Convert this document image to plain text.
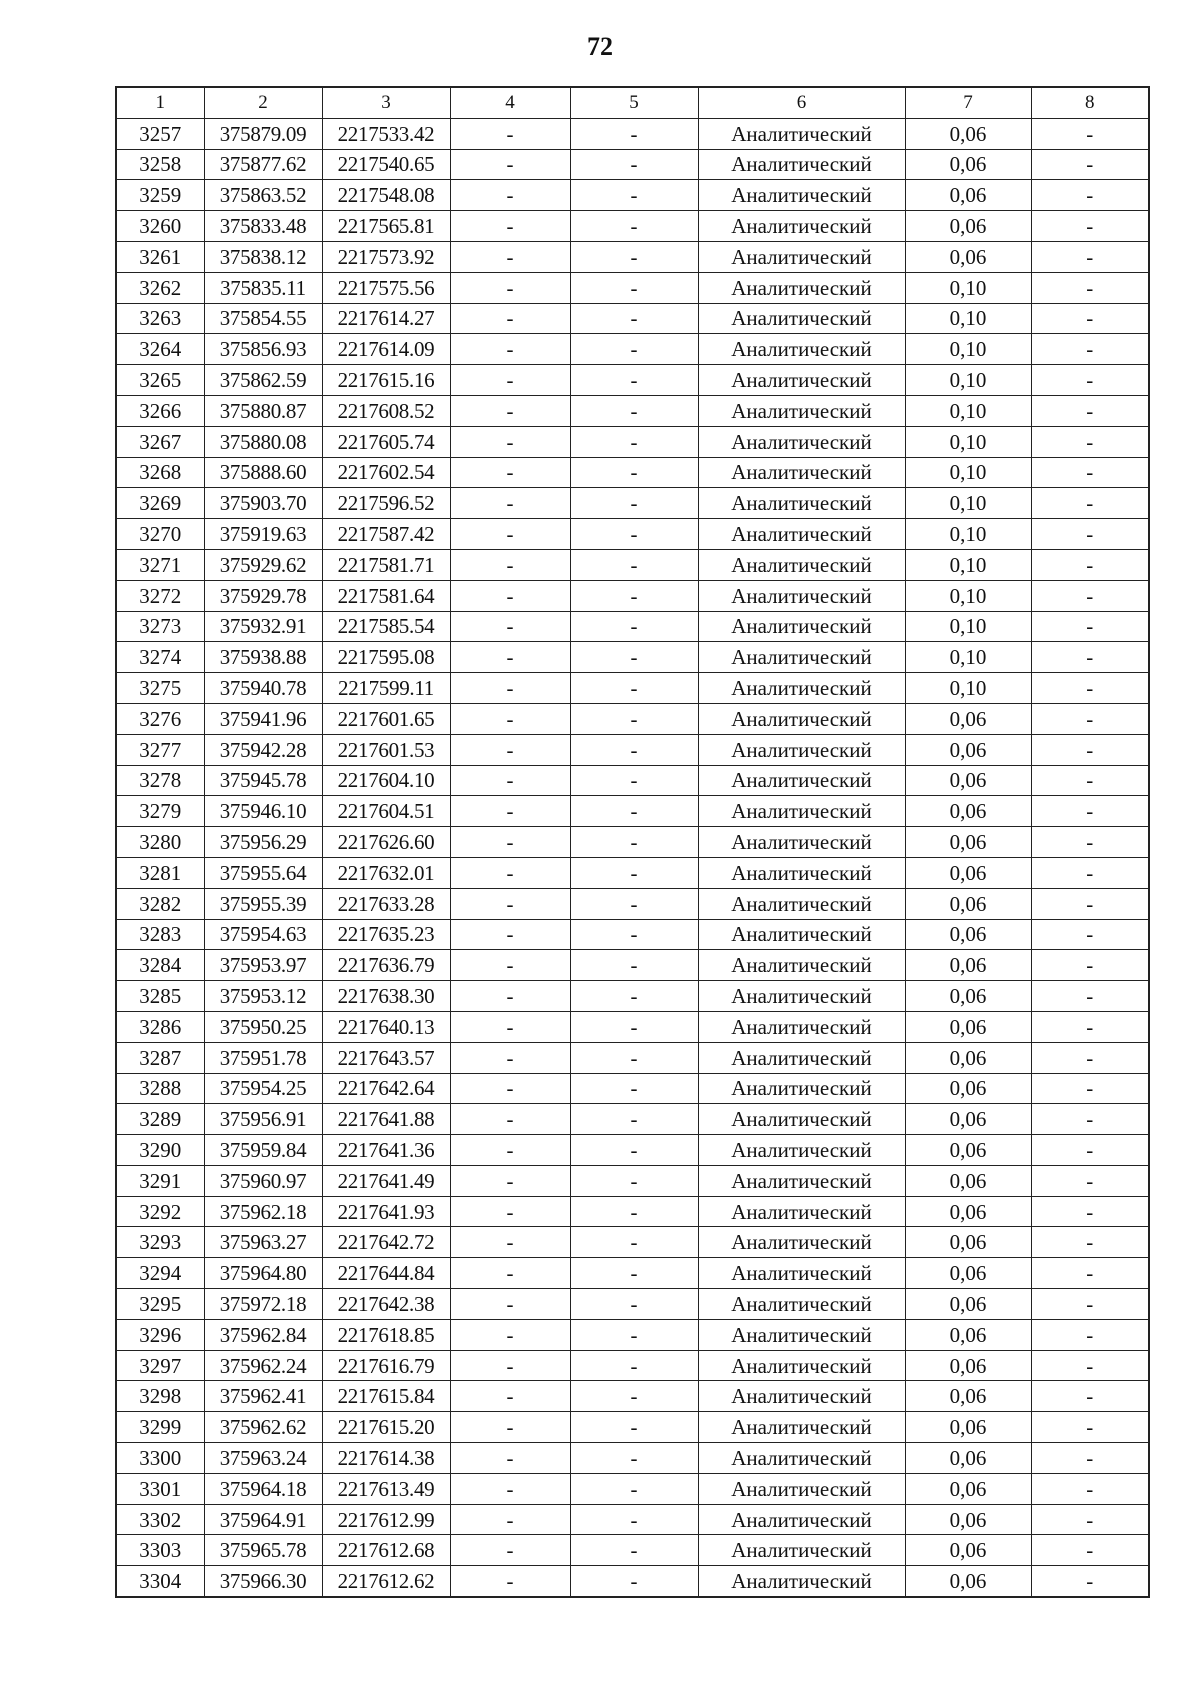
72
1	2	3	4	5	6	7	8
3257	375879.09	2217533.42	-	-	Аналитический	0,06	-
3258	375877.62	2217540.65	-	-	Аналитический	0,06	-
3259	375863.52	2217548.08	-	-	Аналитический	0,06	-
3260	375833.48	2217565.81	-	-	Аналитический	0,06	-
3261	375838.12	2217573.92	-	-	Аналитический	0,06	-
3262	375835.11	2217575.56	-	-	Аналитический	0,10	-
3263	375854.55	2217614.27	-	-	Аналитический	0,10	-
3264	375856.93	2217614.09	-	-	Аналитический	0,10	-
3265	375862.59	2217615.16	-	-	Аналитический	0,10	-
3266	375880.87	2217608.52	-	-	Аналитический	0,10	-
3267	375880.08	2217605.74	-	-	Аналитический	0,10	-
3268	375888.60	2217602.54	-	-	Аналитический	0,10	-
3269	375903.70	2217596.52	-	-	Аналитический	0,10	-
3270	375919.63	2217587.42	-	-	Аналитический	0,10	-
3271	375929.62	2217581.71	-	-	Аналитический	0,10	-
3272	375929.78	2217581.64	-	-	Аналитический	0,10	-
3273	375932.91	2217585.54	-	-	Аналитический	0,10	-
3274	375938.88	2217595.08	-	-	Аналитический	0,10	-
3275	375940.78	2217599.11	-	-	Аналитический	0,10	-
3276	375941.96	2217601.65	-	-	Аналитический	0,06	-
3277	375942.28	2217601.53	-	-	Аналитический	0,06	-
3278	375945.78	2217604.10	-	-	Аналитический	0,06	-
3279	375946.10	2217604.51	-	-	Аналитический	0,06	-
3280	375956.29	2217626.60	-	-	Аналитический	0,06	-
3281	375955.64	2217632.01	-	-	Аналитический	0,06	-
3282	375955.39	2217633.28	-	-	Аналитический	0,06	-
3283	375954.63	2217635.23	-	-	Аналитический	0,06	-
3284	375953.97	2217636.79	-	-	Аналитический	0,06	-
3285	375953.12	2217638.30	-	-	Аналитический	0,06	-
3286	375950.25	2217640.13	-	-	Аналитический	0,06	-
3287	375951.78	2217643.57	-	-	Аналитический	0,06	-
3288	375954.25	2217642.64	-	-	Аналитический	0,06	-
3289	375956.91	2217641.88	-	-	Аналитический	0,06	-
3290	375959.84	2217641.36	-	-	Аналитический	0,06	-
3291	375960.97	2217641.49	-	-	Аналитический	0,06	-
3292	375962.18	2217641.93	-	-	Аналитический	0,06	-
3293	375963.27	2217642.72	-	-	Аналитический	0,06	-
3294	375964.80	2217644.84	-	-	Аналитический	0,06	-
3295	375972.18	2217642.38	-	-	Аналитический	0,06	-
3296	375962.84	2217618.85	-	-	Аналитический	0,06	-
3297	375962.24	2217616.79	-	-	Аналитический	0,06	-
3298	375962.41	2217615.84	-	-	Аналитический	0,06	-
3299	375962.62	2217615.20	-	-	Аналитический	0,06	-
3300	375963.24	2217614.38	-	-	Аналитический	0,06	-
3301	375964.18	2217613.49	-	-	Аналитический	0,06	-
3302	375964.91	2217612.99	-	-	Аналитический	0,06	-
3303	375965.78	2217612.68	-	-	Аналитический	0,06	-
3304	375966.30	2217612.62	-	-	Аналитический	0,06	-
